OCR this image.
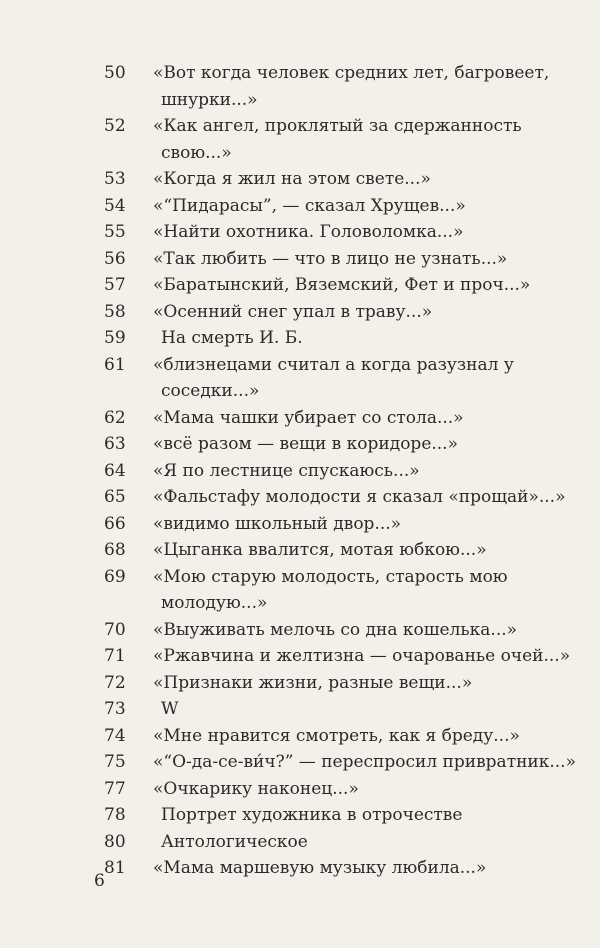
50	«Вот когда человек средних лет, багровеет,
шнурки...»
52	«Как ангел, проклятый за сдержанность
свою...»
53	«Когда я жил на этом свете...»
54	«“Пидарасы”, — сказал Хрущев...»
55	«Найти охотника. Головоломка...»
56	«Так любить — что в лицо не узнать...»
57	«Баратынский, Вяземский, Фет и проч...»
58	«Осенний снег упал в траву...»
59	На смерть И. Б.
61	«близнецами считал а когда разузнал у
соседки...»
62	«Мама чашки убирает со стола...»
63	«всё разом — вещи в коридоре...»
64	«Я по лестнице спускаюсь...»
65	«Фальстафу молодости я сказал «прощай»...»
66	«видимо школьный двор...»
68	«Цыганка ввалится, мотая юбкою...»
69	«Мою старую молодость, старость мою
молодую...»
70	«Выуживать мелочь со дна кошелька...»
71	«Ржавчина и желтизна — очарованье очей...»
72	«Признаки жизни, разные вещи...»
73	W
74	«Мне нравится смотреть, как я бреду...»
75	«“О-да-се-ви́ч?” — переспросил привратник...»
77	«Очкарику наконец...»
78	Портрет художника в отрочестве
80	Антологическое
81	«Мама маршевую музыку любила...»
6
